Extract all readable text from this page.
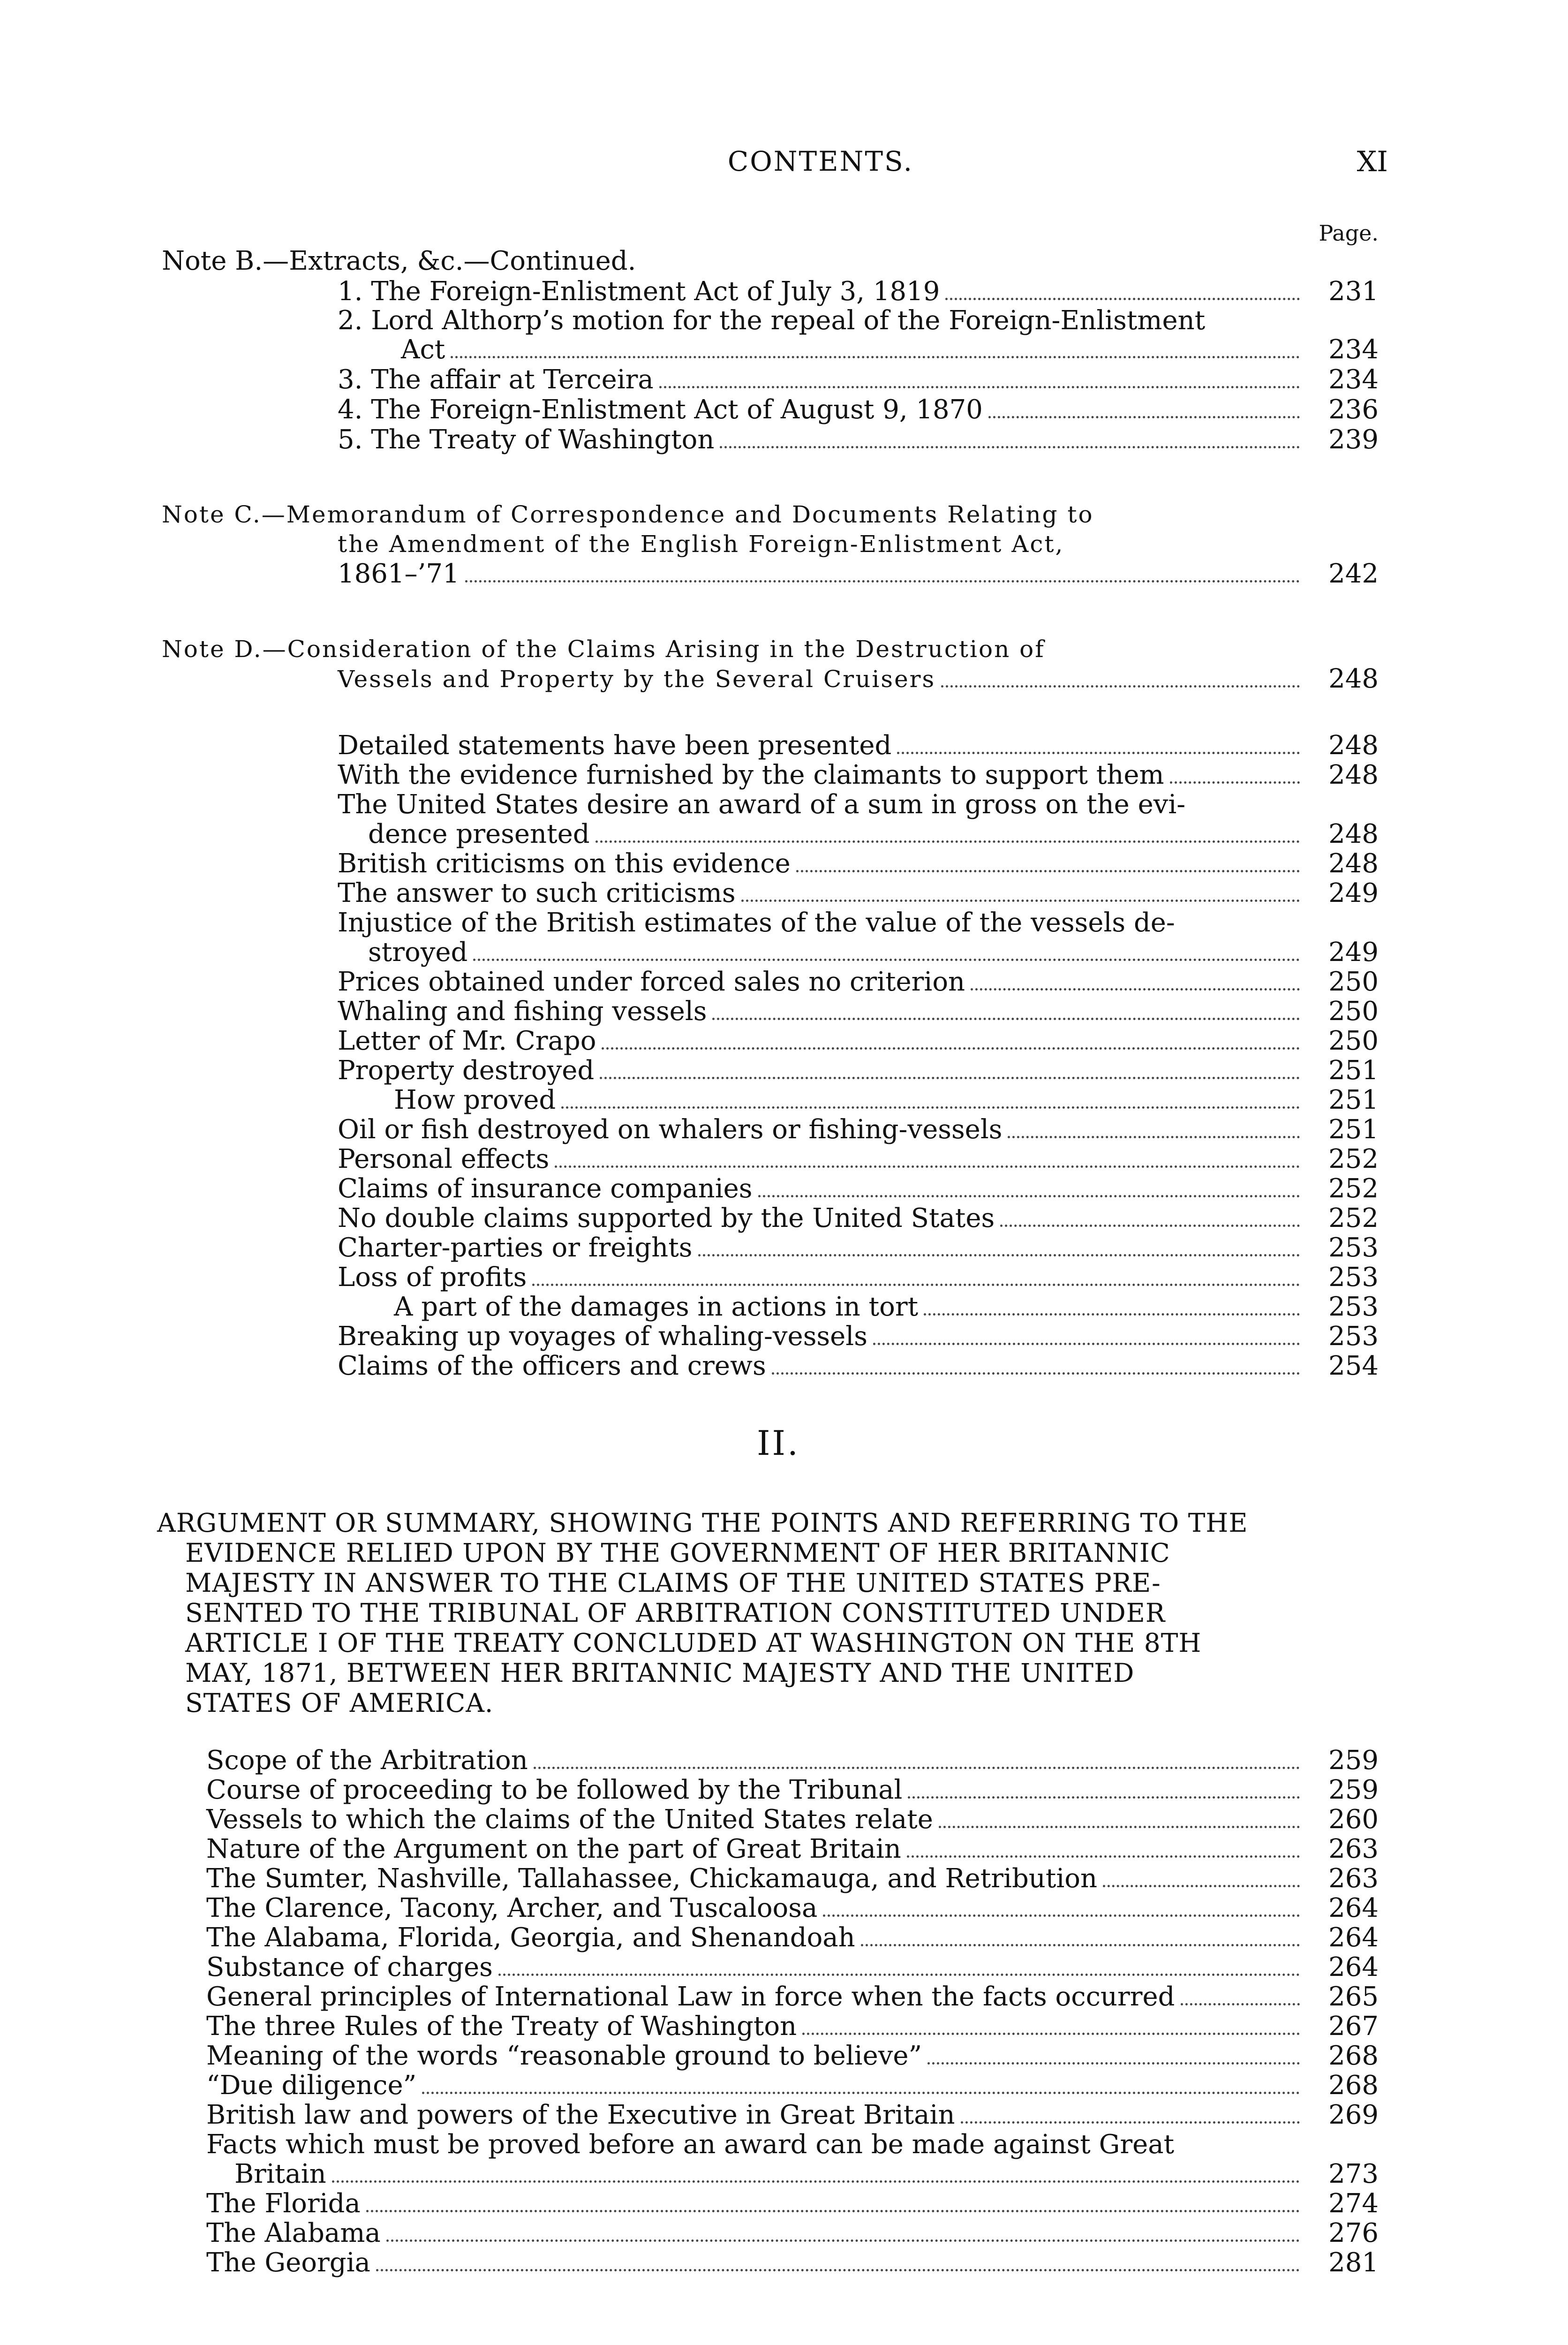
CONTENTS.	XI
Page.
Note B.—Extracts, &c.—Continued.
1. The Foreign-Enlistment Act of July 3, 1819	231
2. Lord Althorp’s motion for the repeal of the Foreign-Enlistment
Act	234
3. The affair at Terceira	234
4. The Foreign-Enlistment Act of August 9, 1870	236
5. The Treaty of Washington	239
Note C.—Memorandum of Correspondence and Documents Relating to
the Amendment of the English Foreign-Enlistment Act,
1861–’71	242
Note D.—Consideration of the Claims Arising in the Destruction of
Vessels and Property by the Several Cruisers	248
Detailed statements have been presented	248
With the evidence furnished by the claimants to support them	248
The United States desire an award of a sum in gross on the evi-
dence presented	248
British criticisms on this evidence	248
The answer to such criticisms	249
Injustice of the British estimates of the value of the vessels de-
stroyed	249
Prices obtained under forced sales no criterion	250
Whaling and fishing vessels	250
Letter of Mr. Crapo	250
Property destroyed	251
How proved	251
Oil or fish destroyed on whalers or fishing-vessels	251
Personal effects	252
Claims of insurance companies	252
No double claims supported by the United States	252
Charter-parties or freights	253
Loss of profits	253
A part of the damages in actions in tort	253
Breaking up voyages of whaling-vessels	253
Claims of the officers and crews	254
II.
ARGUMENT OR SUMMARY, SHOWING THE POINTS AND REFERRING TO THE
EVIDENCE RELIED UPON BY THE GOVERNMENT OF HER BRITANNIC
MAJESTY IN ANSWER TO THE CLAIMS OF THE UNITED STATES PRE-
SENTED TO THE TRIBUNAL OF ARBITRATION CONSTITUTED UNDER
ARTICLE I OF THE TREATY CONCLUDED AT WASHINGTON ON THE 8TH
MAY, 1871, BETWEEN HER BRITANNIC MAJESTY AND THE UNITED
STATES OF AMERICA.
Scope of the Arbitration	259
Course of proceeding to be followed by the Tribunal	259
Vessels to which the claims of the United States relate	260
Nature of the Argument on the part of Great Britain	263
The Sumter, Nashville, Tallahassee, Chickamauga, and Retribution	263
The Clarence, Tacony, Archer, and Tuscaloosa	264
The Alabama, Florida, Georgia, and Shenandoah	264
Substance of charges	264
General principles of International Law in force when the facts occurred	265
The three Rules of the Treaty of Washington	267
Meaning of the words “reasonable ground to believe”	268
“Due diligence”	268
British law and powers of the Executive in Great Britain	269
Facts which must be proved before an award can be made against Great
Britain	273
The Florida	274
The Alabama	276
The Georgia	281
